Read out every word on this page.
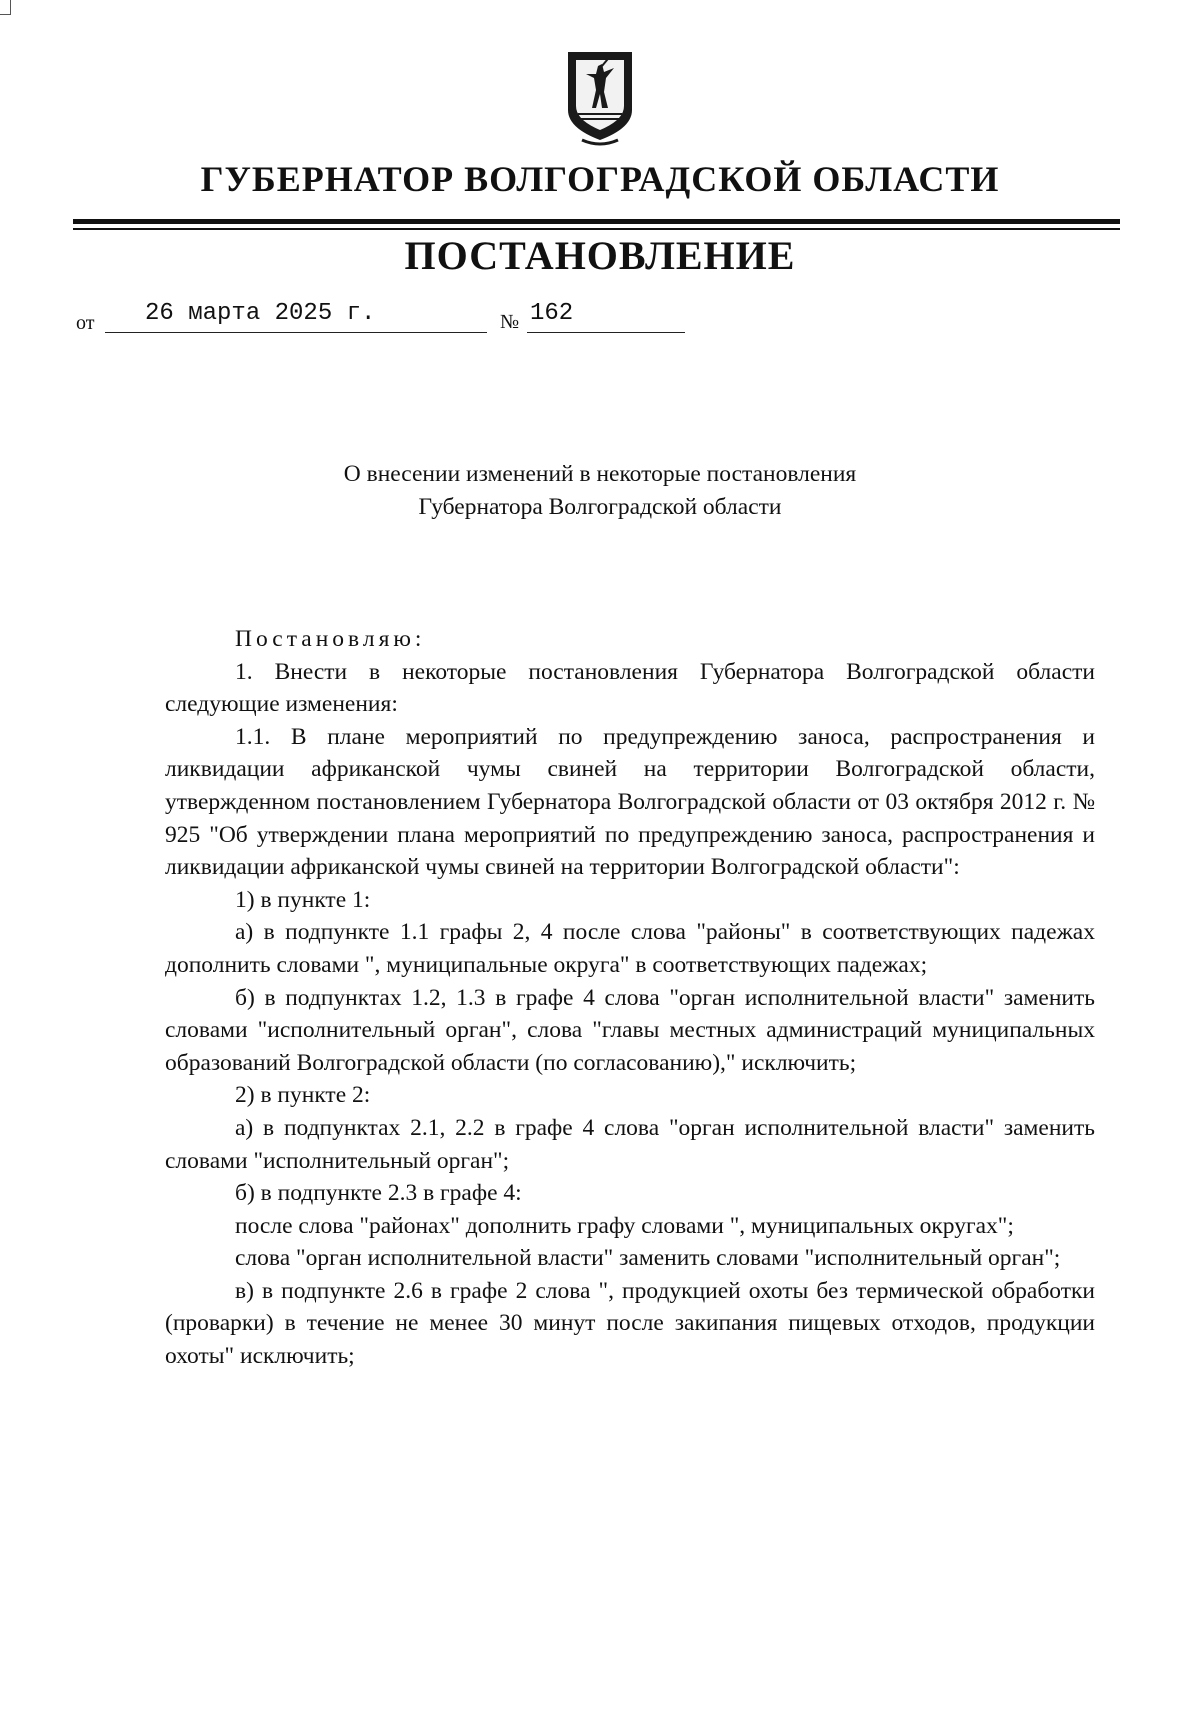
ГУБЕРНАТОР ВОЛГОГРАДСКОЙ ОБЛАСТИ
ПОСТАНОВЛЕНИЕ
от 26 марта 2025 г.	№ 162
О внесении изменений в некоторые постановления
Губернатора Волгоградской области

Постановляю:

1. Внести в некоторые постановления Губернатора Волгоградской области следующие изменения:

1.1. В плане мероприятий по предупреждению заноса, распространения и ликвидации африканской чумы свиней на территории Волгоградской области, утвержденном постановлением Губернатора Волгоградской области от 03 октября 2012 г. № 925 "Об утверждении плана мероприятий по предупреждению заноса, распространения и ликвидации африканской чумы свиней на территории Волгоградской области":

1) в пункте 1:

а) в подпункте 1.1 графы 2, 4 после слова "районы" в соответствующих падежах дополнить словами ", муниципальные округа" в соответствующих падежах;

б) в подпунктах 1.2, 1.3 в графе 4 слова "орган исполнительной власти" заменить словами "исполнительный орган", слова "главы местных администраций муниципальных образований Волгоградской области (по согласованию)," исключить;

2) в пункте 2:

а) в подпунктах 2.1, 2.2 в графе 4 слова "орган исполнительной власти" заменить словами "исполнительный орган";

б) в подпункте 2.3 в графе 4:

после слова "районах" дополнить графу словами ", муниципальных округах";

слова "орган исполнительной власти" заменить словами "исполнительный орган";

в) в подпункте 2.6 в графе 2 слова ", продукцией охоты без термической обработки (проварки) в течение не менее 30 минут после закипания пищевых отходов, продукции охоты" исключить;
